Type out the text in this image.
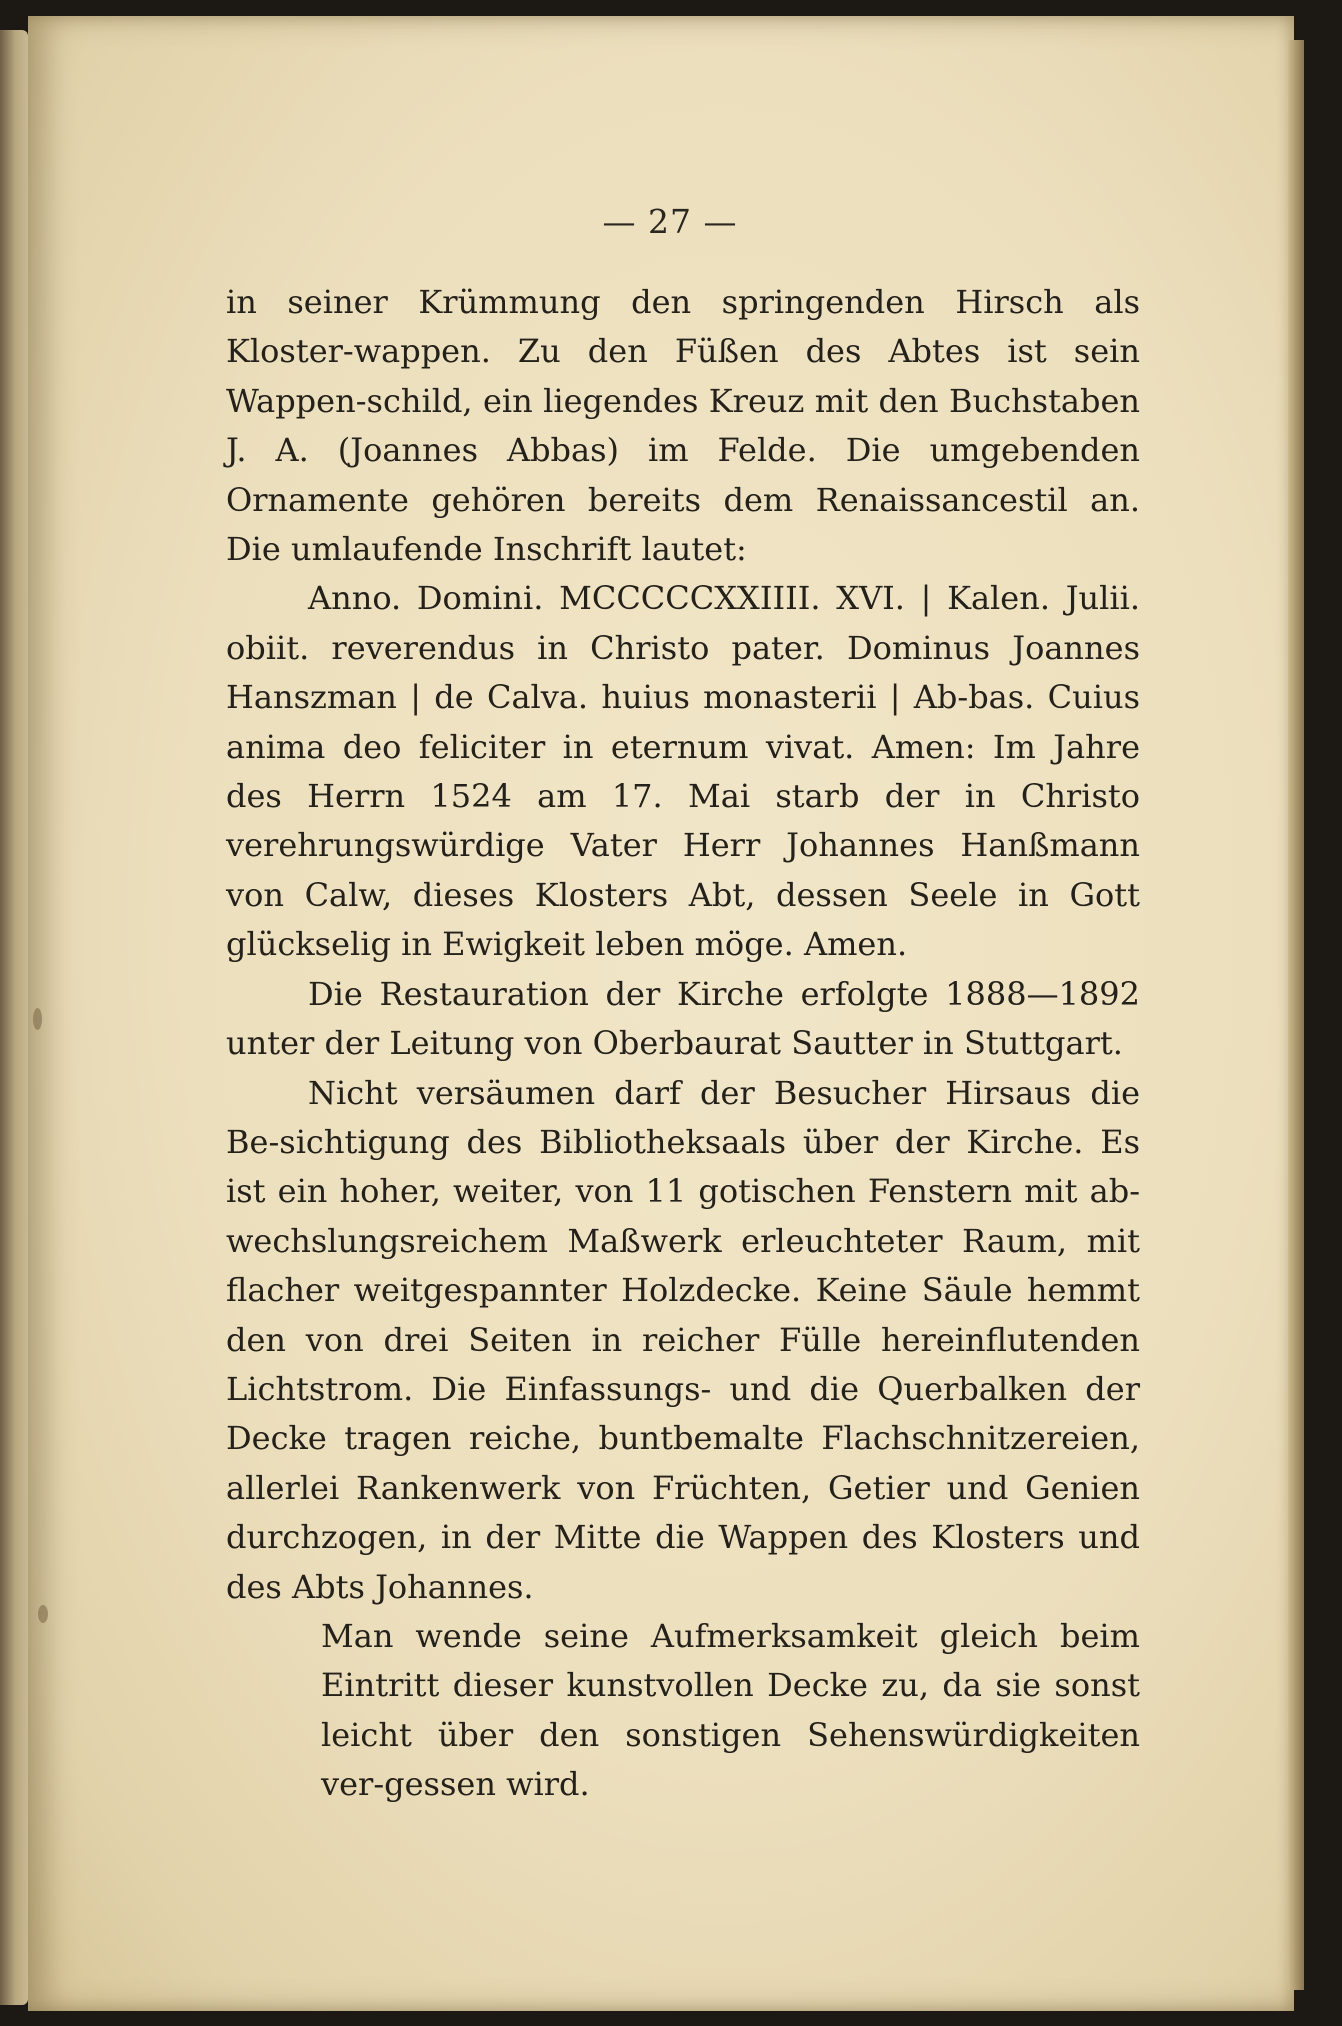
— 27 —

in seiner Krümmung den springenden Hirsch als Kloster-wappen. Zu den Füßen des Abtes ist sein Wappen-schild, ein liegendes Kreuz mit den Buchstaben J. A. (Joannes Abbas) im Felde. Die umgebenden Ornamente gehören bereits dem Renaissancestil an. Die umlaufende Inschrift lautet:

Anno. Domini. MCCCCCXXIIII. XVI. | Kalen. Julii. obiit. reverendus in Christo pater. Dominus Joannes Hanszman | de Calva. huius monasterii | Ab-bas. Cuius anima deo feliciter in eternum vivat. Amen: Im Jahre des Herrn 1524 am 17. Mai starb der in Christo verehrungswürdige Vater Herr Johannes Hanßmann von Calw, dieses Klosters Abt, dessen Seele in Gott glückselig in Ewigkeit leben möge. Amen.

Die Restauration der Kirche erfolgte 1888—1892 unter der Leitung von Oberbaurat Sautter in Stuttgart.

Nicht versäumen darf der Besucher Hirsaus die Be-sichtigung des Bibliotheksaals über der Kirche. Es ist ein hoher, weiter, von 11 gotischen Fenstern mit ab-wechslungsreichem Maßwerk erleuchteter Raum, mit flacher weitgespannter Holzdecke. Keine Säule hemmt den von drei Seiten in reicher Fülle hereinflutenden Lichtstrom. Die Einfassungs- und die Querbalken der Decke tragen reiche, buntbemalte Flachschnitzereien, allerlei Rankenwerk von Früchten, Getier und Genien durchzogen, in der Mitte die Wappen des Klosters und des Abts Johannes.

Man wende seine Aufmerksamkeit gleich beim Eintritt dieser kunstvollen Decke zu, da sie sonst leicht über den sonstigen Sehenswürdigkeiten ver-gessen wird.
